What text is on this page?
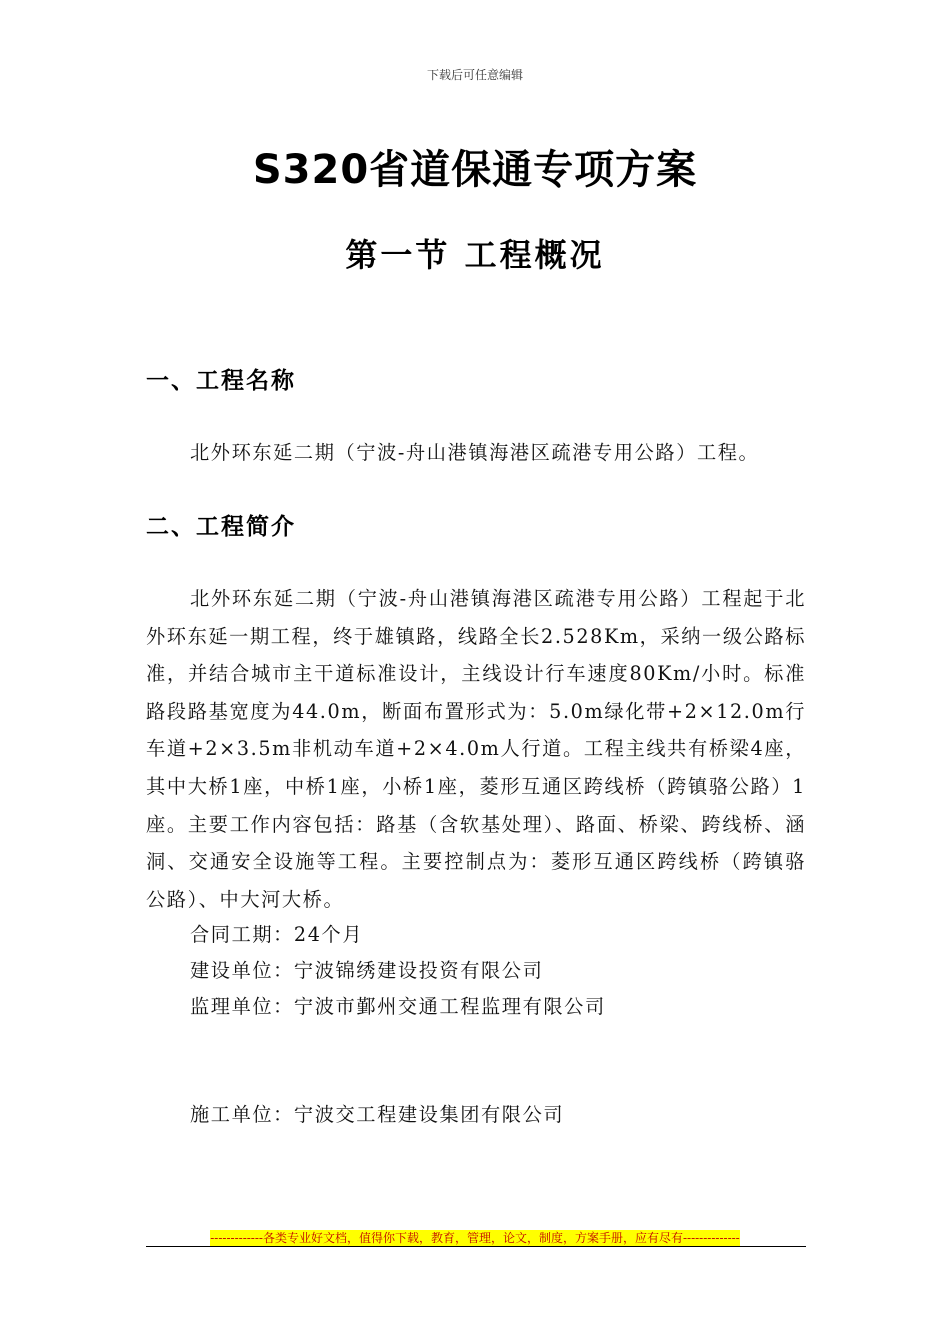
下载后可任意编辑
S320省道保通专项方案
第一节 工程概况
一、工程名称

北外环东延二期（宁波-舟山港镇海港区疏港专用公路）工程。

二、工程简介

北外环东延二期（宁波-舟山港镇海港区疏港专用公路）工程起于北外环东延一期工程，终于雄镇路，线路全长2.528Km，采纳一级公路标准，并结合城市主干道标准设计，主线设计行车速度80Km/小时。标准路段路基宽度为44.0m，断面布置形式为：5.0m绿化带+2×12.0m行车道+2×3.5m非机动车道+2×4.0m人行道。工程主线共有桥梁4座，其中大桥1座，中桥1座，小桥1座，菱形互通区跨线桥（跨镇骆公路）1座。主要工作内容包括：路基（含软基处理）、路面、桥梁、跨线桥、涵洞、交通安全设施等工程。主要控制点为：菱形互通区跨线桥（跨镇骆公路）、中大河大桥。

合同工期：24个月
建设单位：宁波锦绣建设投资有限公司
监理单位：宁波市鄞州交通工程监理有限公司
施工单位：宁波交工程建设集团有限公司
-------------各类专业好文档，值得你下载，教育，管理，论文，制度，方案手册，应有尽有--------------
